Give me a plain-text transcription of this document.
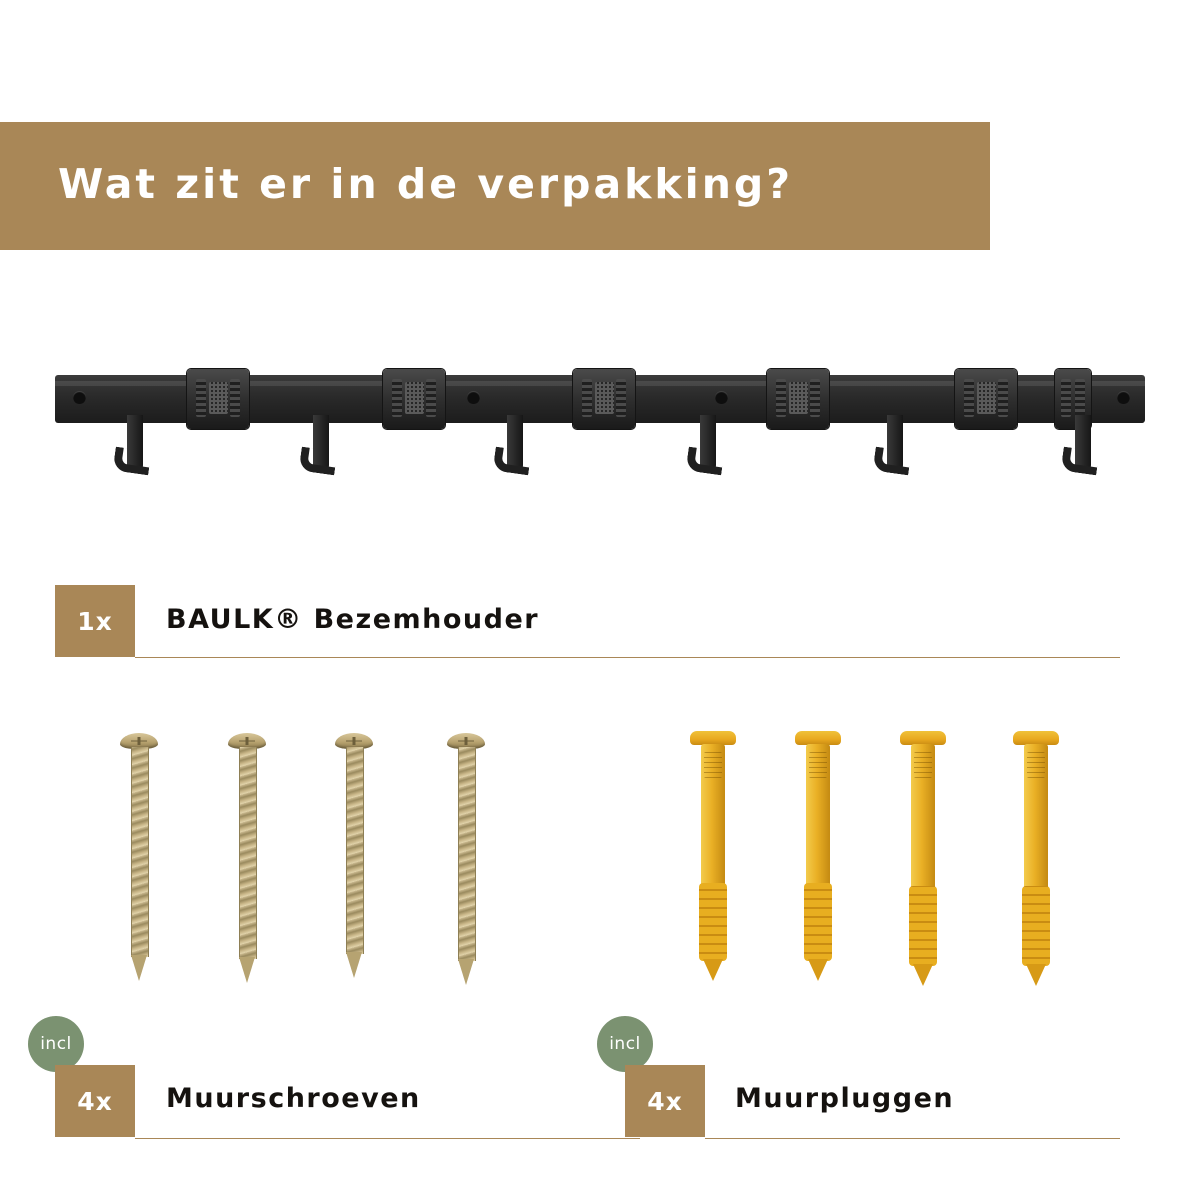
Wat zit er in de verpakking?
1x	BAULK® Bezemhouder
incl
4x	Muurschroeven
incl
4x	Muurpluggen
